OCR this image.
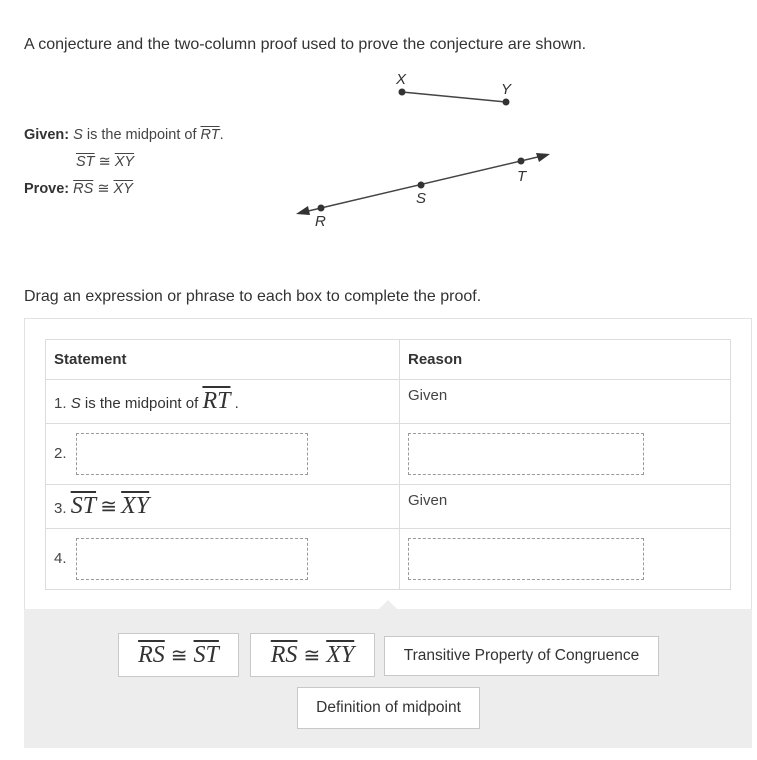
A conjecture and the two-column proof used to prove the conjecture are shown.
Given: S is the midpoint of $\overline{RT}$.
$\overline{ST}$ ≅ $\overline{XY}$
Prove: $\overline{RS}$ ≅ $\overline{XY}$
X
Y
R
S
T
Drag an expression or phrase to each box to complete the proof.
Statement	Reason
1. S is the midpoint of $\overline{RT}$ .	Given
2.	
3. $\overline{ST}$ ≅ $\overline{XY}$	Given
4.	
$\overline{RS}$ ≅ $\overline{ST}$ $\overline{RS}$ ≅ $\overline{XY}$	Transitive Property of Congruence
Definition of midpoint
